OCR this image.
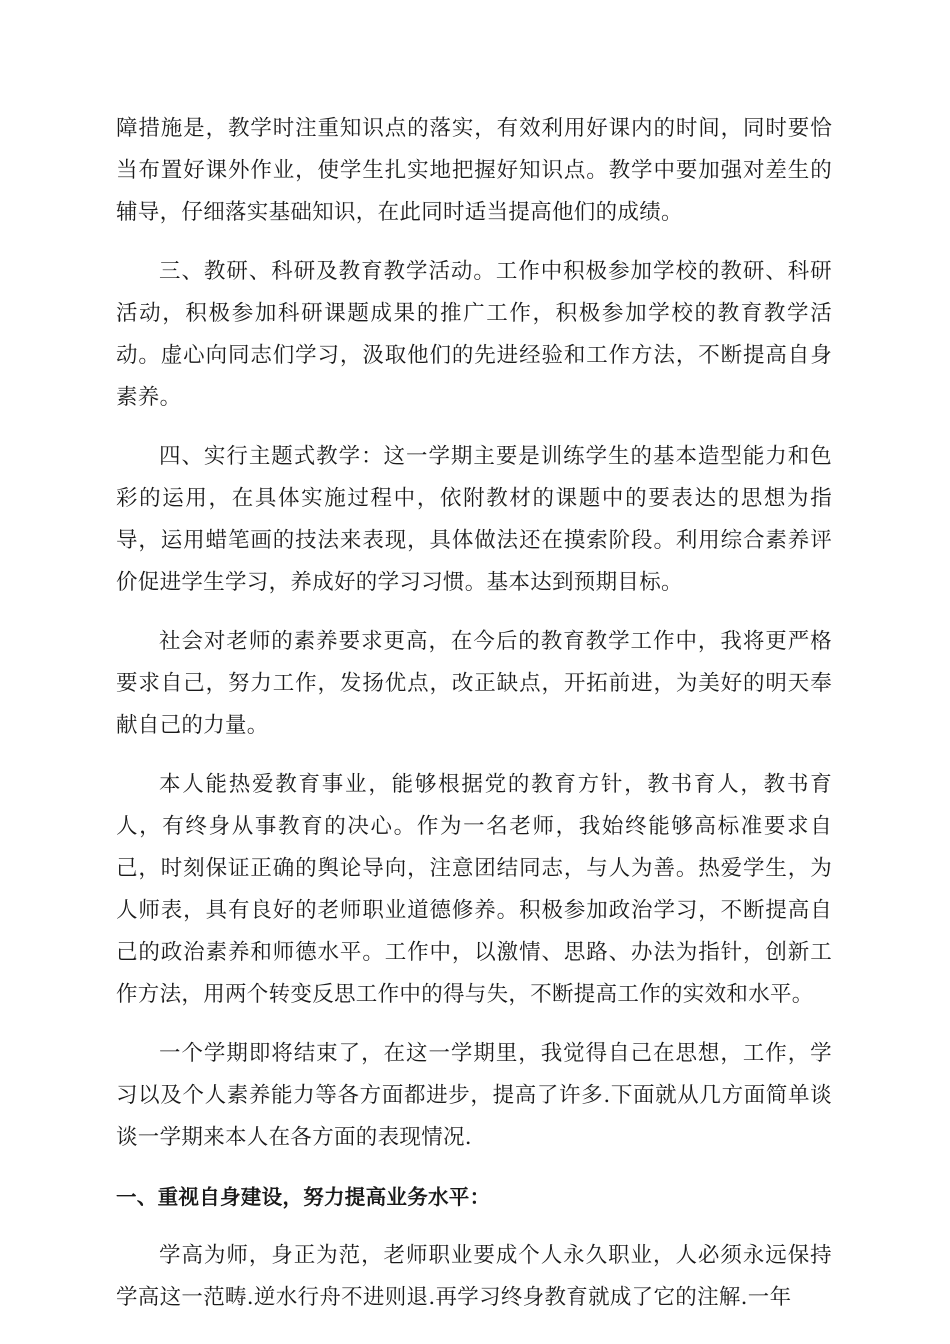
障措施是，教学时注重知识点的落实，有效利用好课内的时间，同时要恰当布置好课外作业，使学生扎实地把握好知识点。教学中要加强对差生的辅导，仔细落实基础知识，在此同时适当提高他们的成绩。

三、教研、科研及教育教学活动。工作中积极参加学校的教研、科研活动，积极参加科研课题成果的推广工作，积极参加学校的教育教学活动。虚心向同志们学习，汲取他们的先进经验和工作方法，不断提高自身素养。

四、实行主题式教学：这一学期主要是训练学生的基本造型能力和色彩的运用，在具体实施过程中，依附教材的课题中的要表达的思想为指导，运用蜡笔画的技法来表现，具体做法还在摸索阶段。利用综合素养评价促进学生学习，养成好的学习习惯。基本达到预期目标。

社会对老师的素养要求更高，在今后的教育教学工作中，我将更严格要求自己，努力工作，发扬优点，改正缺点，开拓前进，为美好的明天奉献自己的力量。

本人能热爱教育事业，能够根据党的教育方针，教书育人，教书育人，有终身从事教育的决心。作为一名老师，我始终能够高标准要求自己，时刻保证正确的舆论导向，注意团结同志，与人为善。热爱学生，为人师表，具有良好的老师职业道德修养。积极参加政治学习，不断提高自己的政治素养和师德水平。工作中，以激情、思路、办法为指针，创新工作方法，用两个转变反思工作中的得与失，不断提高工作的实效和水平。

一个学期即将结束了，在这一学期里，我觉得自己在思想，工作，学习以及个人素养能力等各方面都进步，提高了许多.下面就从几方面简单谈谈一学期来本人在各方面的表现情况.

一、重视自身建设，努力提高业务水平：

学高为师，身正为范，老师职业要成个人永久职业，人必须永远保持学高这一范畴.逆水行舟不进则退.再学习终身教育就成了它的注解.一年
